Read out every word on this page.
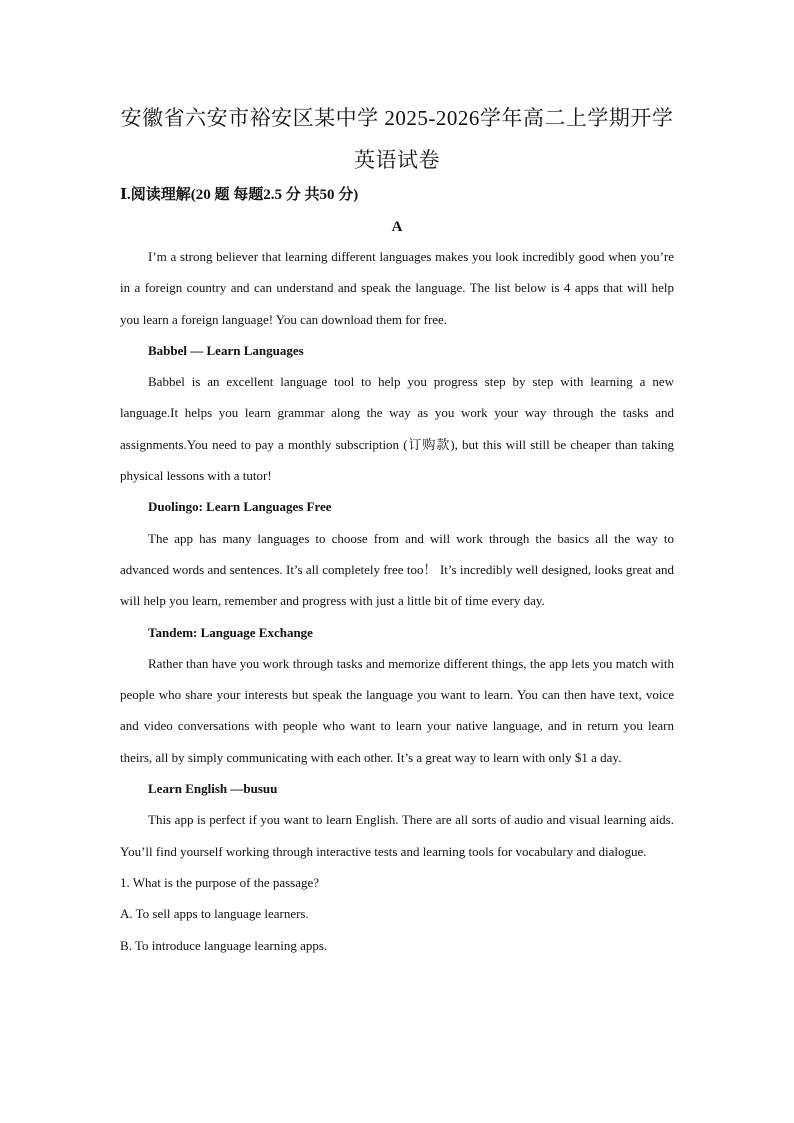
安徽省六安市裕安区某中学 2025-2026学年高二上学期开学
英语试卷
Ⅰ.阅读理解(20 题 每题2.5 分 共50 分)
A

I’m a strong believer that learning different languages makes you look incredibly good when you’re in a foreign country and can understand and speak the language. The list below is 4 apps that will help you learn a foreign language! You can download them for free.

Babbel — Learn Languages

Babbel is an excellent language tool to help you progress step by step with learning a new language.It helps you learn grammar along the way as you work your way through the tasks and assignments.You need to pay a monthly subscription (订购款), but this will still be cheaper than taking physical lessons with a tutor!

Duolingo: Learn Languages Free

The app has many languages to choose from and will work through the basics all the way to advanced words and sentences. It’s all completely free too！ It’s incredibly well designed, looks great and will help you learn, remember and progress with just a little bit of time every day.

Tandem: Language Exchange

Rather than have you work through tasks and memorize different things, the app lets you match with people who share your interests but speak the language you want to learn. You can then have text, voice and video conversations with people who want to learn your native language, and in return you learn theirs, all by simply communicating with each other. It’s a great way to learn with only $1 a day.

Learn English —busuu

This app is perfect if you want to learn English. There are all sorts of audio and visual learning aids. You’ll find yourself working through interactive tests and learning tools for vocabulary and dialogue.

1. What is the purpose of the passage?

A. To sell apps to language learners.

B. To introduce language learning apps.
